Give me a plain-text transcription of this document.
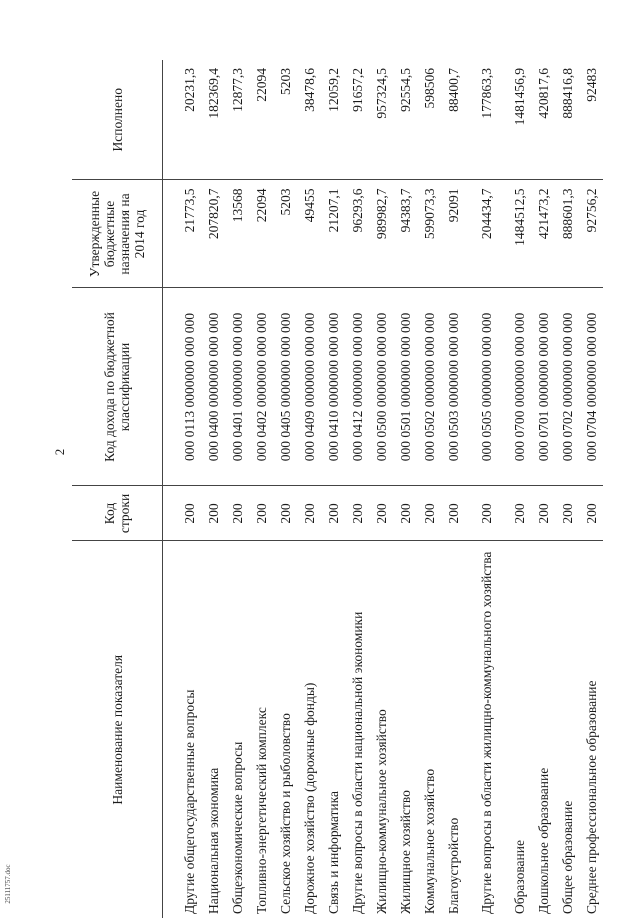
2
Наименование показателя	Код строки	Код дохода по бюджетной классификации	Утвержденные бюджетные назначения на 2014 год	Исполнено
Другие общегосударственные вопросы	200	000 0113 0000000 000 000	21773,5	20231,3
Национальная экономика	200	000 0400 0000000 000 000	207820,7	182369,4
Общеэкономические вопросы	200	000 0401 0000000 000 000	13568	12877,3
Топливно-энергетический комплекс	200	000 0402 0000000 000 000	22094	22094
Сельское хозяйство и рыболовство	200	000 0405 0000000 000 000	5203	5203
Дорожное хозяйство (дорожные фонды)	200	000 0409 0000000 000 000	49455	38478,6
Связь и информатика	200	000 0410 0000000 000 000	21207,1	12059,2
Другие вопросы в области национальной экономики	200	000 0412 0000000 000 000	96293,6	91657,2
Жилищно-коммунальное хозяйство	200	000 0500 0000000 000 000	989982,7	957324,5
Жилищное хозяйство	200	000 0501 0000000 000 000	94383,7	92554,5
Коммунальное хозяйство	200	000 0502 0000000 000 000	599073,3	598506
Благоустройство	200	000 0503 0000000 000 000	92091	88400,7
Другие вопросы в области жилищно-коммунального хозяйства	200	000 0505 0000000 000 000	204434,7	177863,3
Образование	200	000 0700 0000000 000 000	1484512,5	1481456,9
Дошкольное образование	200	000 0701 0000000 000 000	421473,2	420817,6
Общее образование	200	000 0702 0000000 000 000	888601,3	888416,8
Среднее профессиональное образование	200	000 0704 0000000 000 000	92756,2	92483
25111757.doc
